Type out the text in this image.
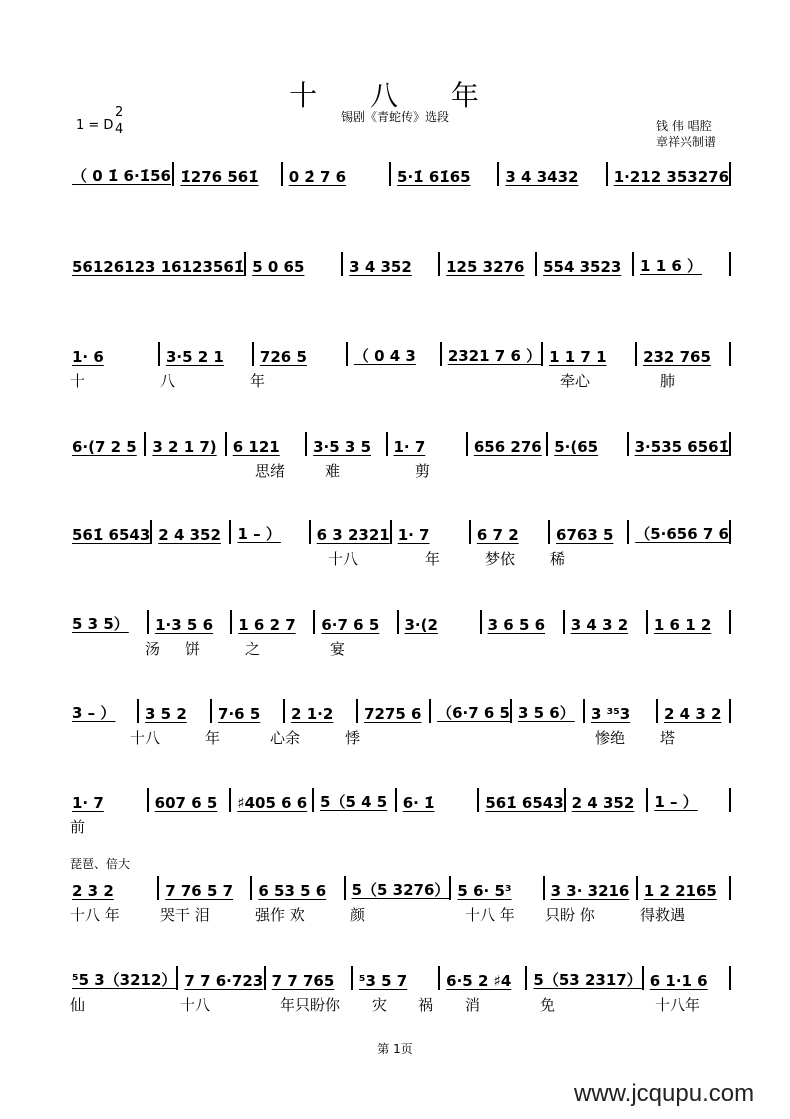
十 八 年
锡剧《青蛇传》选段
1 = D
2
4	钱 伟 唱腔
章祥兴制谱
（ 0 1̇ 6·1̇56 1̇276 561̇	0 2̇ 7 6	5·1̇ 61̇65	3 4 3432	1·212 353276
56126123 16123561̇ 5 0 65	3 4 352	125 3276	554 3523	1 1 6 ）
1· 6	3·5 2 1	726 5	（ 0 4 3	2321 7 6 ） 1 1 7 1	232 765
十	八	年	牵心	肺
6·(7 2 5	3 2 1 7)	6 121	3·5 3 5	1· 7	656 276 5·(65	3·535 6561̇
思绪	难	剪
561̇ 6543 2 4 352	1 – ）	6 3 2321 1· 7	6 7 2	6763 5	（5·656 7 6
十八	年	梦依 稀
5 3 5）	1·3 5 6	1 6 2 7	6·7 6 5	3·(2	3 6 5 6	3 4 3 2	1 6 1 2
汤 饼	之	宴
3 – ）	3 5 2	7·6 5	2 1·2	7275 6	（6·7 6 5 3 5 6）	3 ³⁵3	2 4 3 2
十八	年	心余	悸	惨绝 塔
1· 7	607 6 5	♯405 6 6 5（5 4 5	6· 1̇	561̇ 6543 2 4 352	1 – ）
前
2 3 2	7 76 5 7	6 53 5 6	5（5 3276） 5 6· 5³	3 3· 3216 1 2 2165
十八 年	哭干 泪	强作 欢	颜	十八 年 只盼 你	得救遇
⁵5 3（3212） 7 7 6·723 7 7 765	⁵3 5 7	6·5 2 ♯4	5（53 2317） 6 1·1 6
仙	十八	年只盼你 灾 祸 消	免	十八年
琵琶、倍大
第 1页
www.jcqupu.com
